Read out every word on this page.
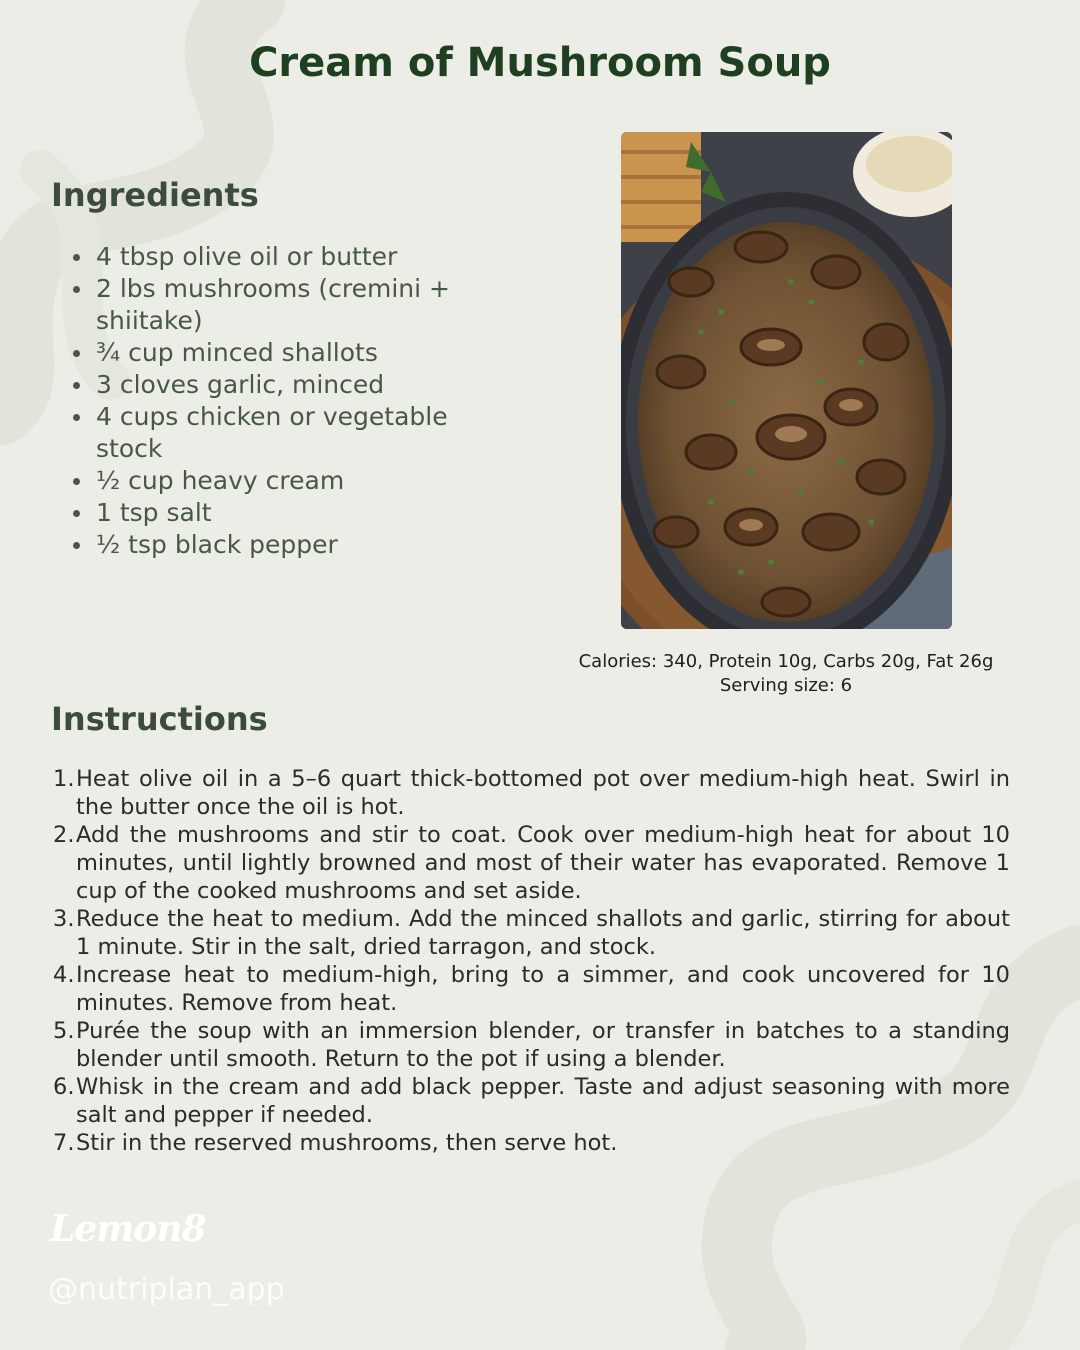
Cream of Mushroom Soup
Ingredients
4 tbsp olive oil or butter
2 lbs mushrooms (cremini + shiitake)
¾ cup minced shallots
3 cloves garlic, minced
4 cups chicken or vegetable stock
½ cup heavy cream
1 tsp salt
½ tsp black pepper
Calories: 340, Protein 10g, Carbs 20g, Fat 26g
Serving size: 6
Instructions
1. Heat olive oil in a 5–6 quart thick-bottomed pot over medium-high heat. Swirl in the butter once the oil is hot.
2. Add the mushrooms and stir to coat. Cook over medium-high heat for about 10 minutes, until lightly browned and most of their water has evaporated. Remove 1 cup of the cooked mushrooms and set aside.
3. Reduce the heat to medium. Add the minced shallots and garlic, stirring for about 1 minute. Stir in the salt, dried tarragon, and stock.
4. Increase heat to medium-high, bring to a simmer, and cook uncovered for 10 minutes. Remove from heat.
5. Purée the soup with an immersion blender, or transfer in batches to a standing blender until smooth. Return to the pot if using a blender.
6. Whisk in the cream and add black pepper. Taste and adjust seasoning with more salt and pepper if needed.
7. Stir in the reserved mushrooms, then serve hot.
Lemon8
@nutriplan_app
